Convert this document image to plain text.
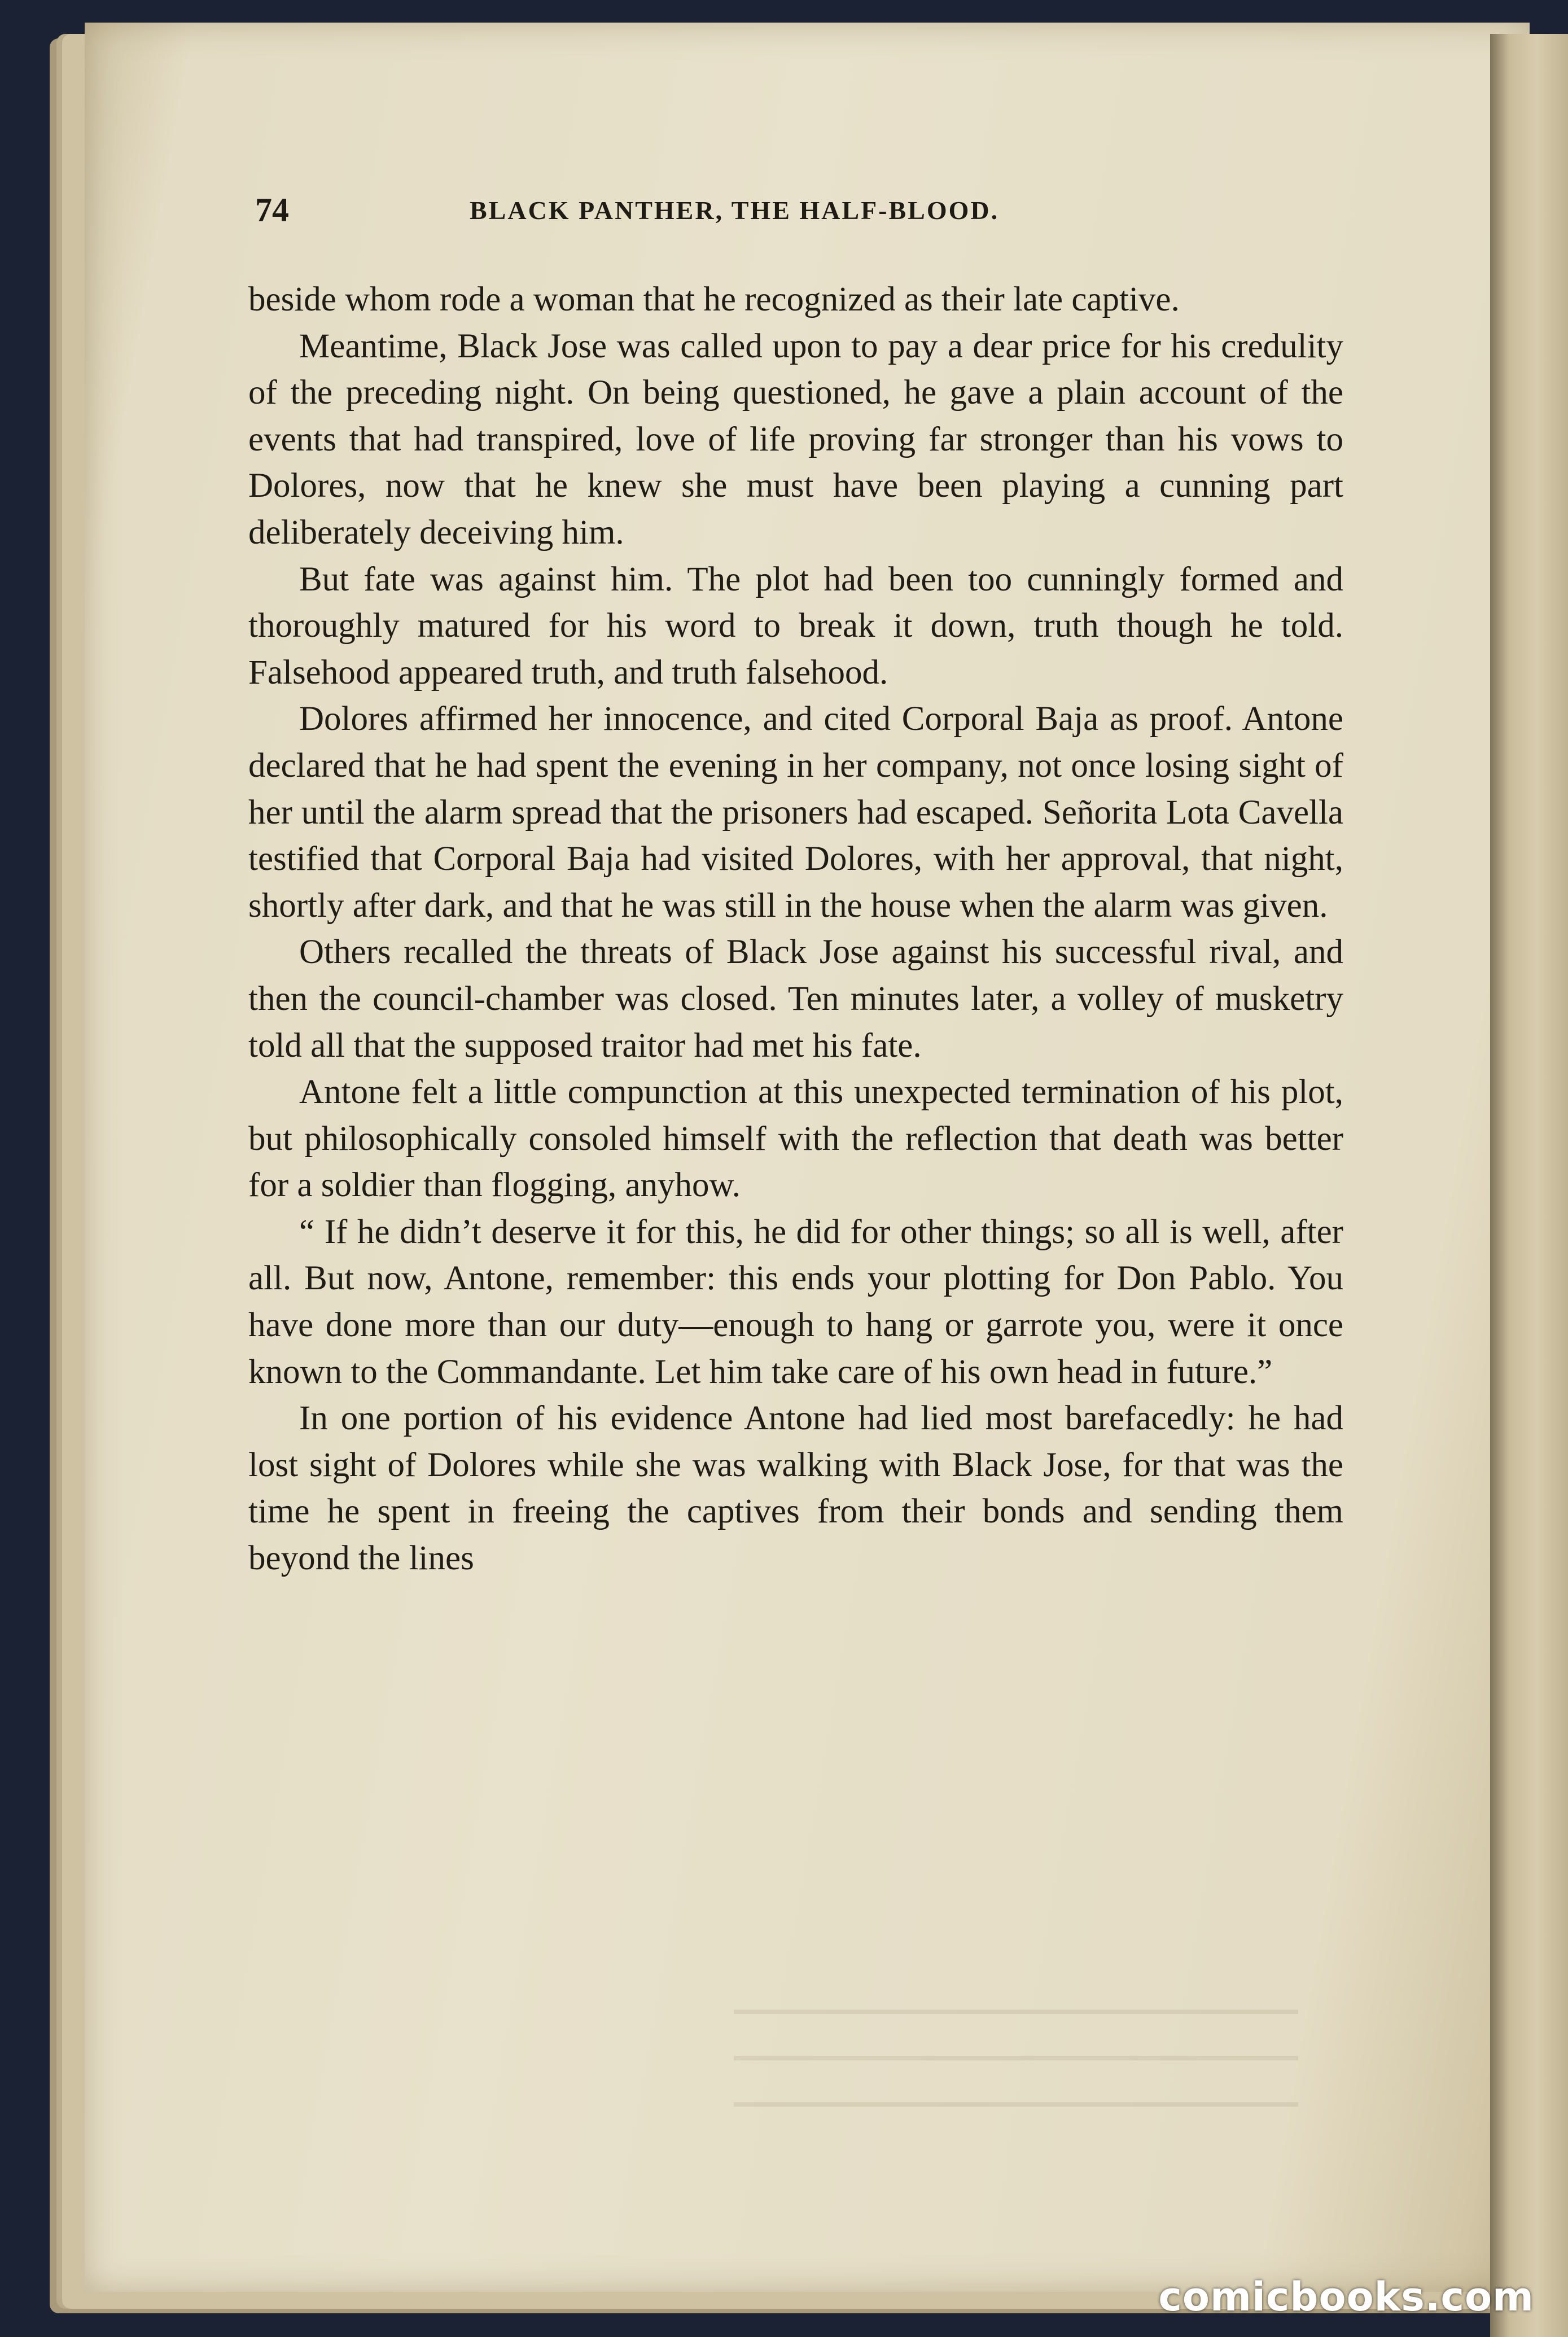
74	BLACK PANTHER, THE HALF-BLOOD.

beside whom rode a woman that he recognized as their late captive.

Meantime, Black Jose was called upon to pay a dear price for his credulity of the preceding night. On being questioned, he gave a plain account of the events that had transpired, love of life proving far stronger than his vows to Dolores, now that he knew she must have been playing a cunning part deliberately deceiving him.

But fate was against him. The plot had been too cunningly formed and thoroughly matured for his word to break it down, truth though he told. Falsehood appeared truth, and truth falsehood.

Dolores affirmed her innocence, and cited Corporal Baja as proof. Antone declared that he had spent the evening in her company, not once losing sight of her until the alarm spread that the prisoners had escaped. Señorita Lota Cavella testified that Corporal Baja had visited Dolores, with her approval, that night, shortly after dark, and that he was still in the house when the alarm was given.

Others recalled the threats of Black Jose against his successful rival, and then the council-chamber was closed. Ten minutes later, a volley of musketry told all that the supposed traitor had met his fate.

Antone felt a little compunction at this unexpected termination of his plot, but philosophically consoled himself with the reflection that death was better for a soldier than flogging, anyhow.

“ If he didn’t deserve it for this, he did for other things; so all is well, after all. But now, Antone, remember: this ends your plotting for Don Pablo. You have done more than our duty—enough to hang or garrote you, were it once known to the Commandante. Let him take care of his own head in future.”

In one portion of his evidence Antone had lied most barefacedly: he had lost sight of Dolores while she was walking with Black Jose, for that was the time he spent in freeing the captives from their bonds and sending them beyond the lines

comicbooks.com
